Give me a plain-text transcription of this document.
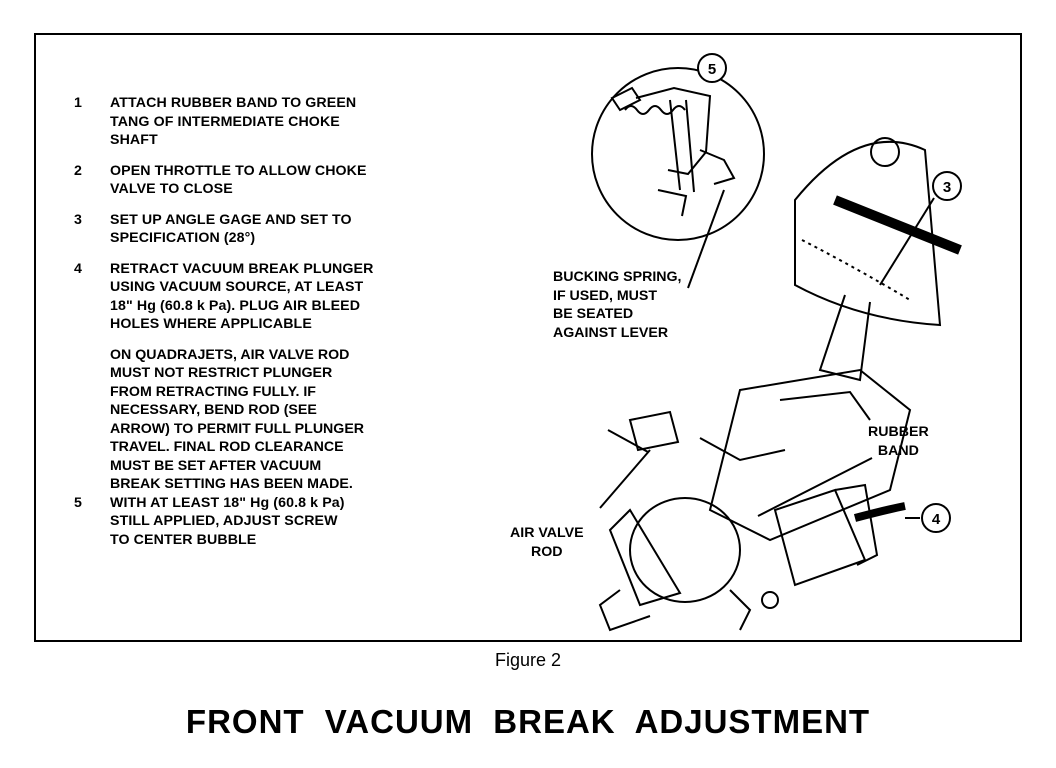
1	ATTACH RUBBER BAND TO GREEN
TANG OF INTERMEDIATE CHOKE
SHAFT
2	OPEN THROTTLE TO ALLOW CHOKE
VALVE TO CLOSE
3	SET UP ANGLE GAGE AND SET TO
SPECIFICATION (28°)
4	RETRACT VACUUM BREAK PLUNGER
USING VACUUM SOURCE, AT LEAST
18" Hg (60.8 k Pa). PLUG AIR BLEED
HOLES WHERE APPLICABLE
ON QUADRAJETS, AIR VALVE ROD
MUST NOT RESTRICT PLUNGER
FROM RETRACTING FULLY. IF
NECESSARY, BEND ROD (SEE
ARROW) TO PERMIT FULL PLUNGER
TRAVEL. FINAL ROD CLEARANCE
MUST BE SET AFTER VACUUM
BREAK SETTING HAS BEEN MADE.
5	WITH AT LEAST 18" Hg (60.8 k Pa)
STILL APPLIED, ADJUST SCREW
TO CENTER BUBBLE
5
3
4
BUCKING SPRING,
IF USED, MUST
BE SEATED
AGAINST LEVER
RUBBER
BAND
AIR VALVE
ROD
Figure 2
FRONT VACUUM BREAK ADJUSTMENT
